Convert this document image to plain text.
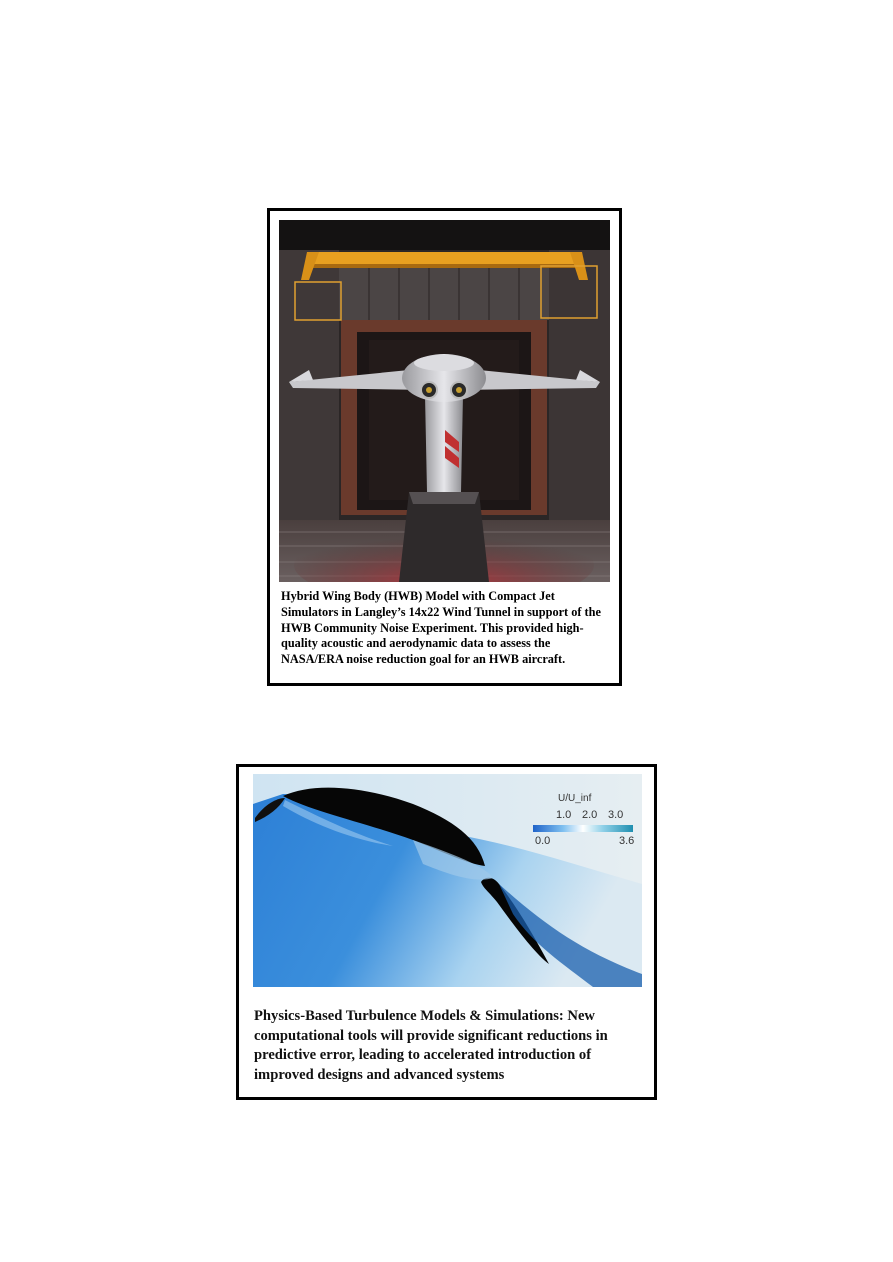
Hybrid Wing Body (HWB) Model with Compact Jet Simulators in Langley’s 14x22 Wind Tunnel in support of the HWB Community Noise Experiment. This provided high-quality acoustic and aerodynamic data to assess the NASA/ERA noise reduction goal for an HWB aircraft.
U/U_inf
1.0 2.0 3.0
0.0	3.6
Physics-Based Turbulence Models & Simulations: New computational tools will provide significant reductions in predictive error, leading to accelerated introduction of improved designs and advanced systems
